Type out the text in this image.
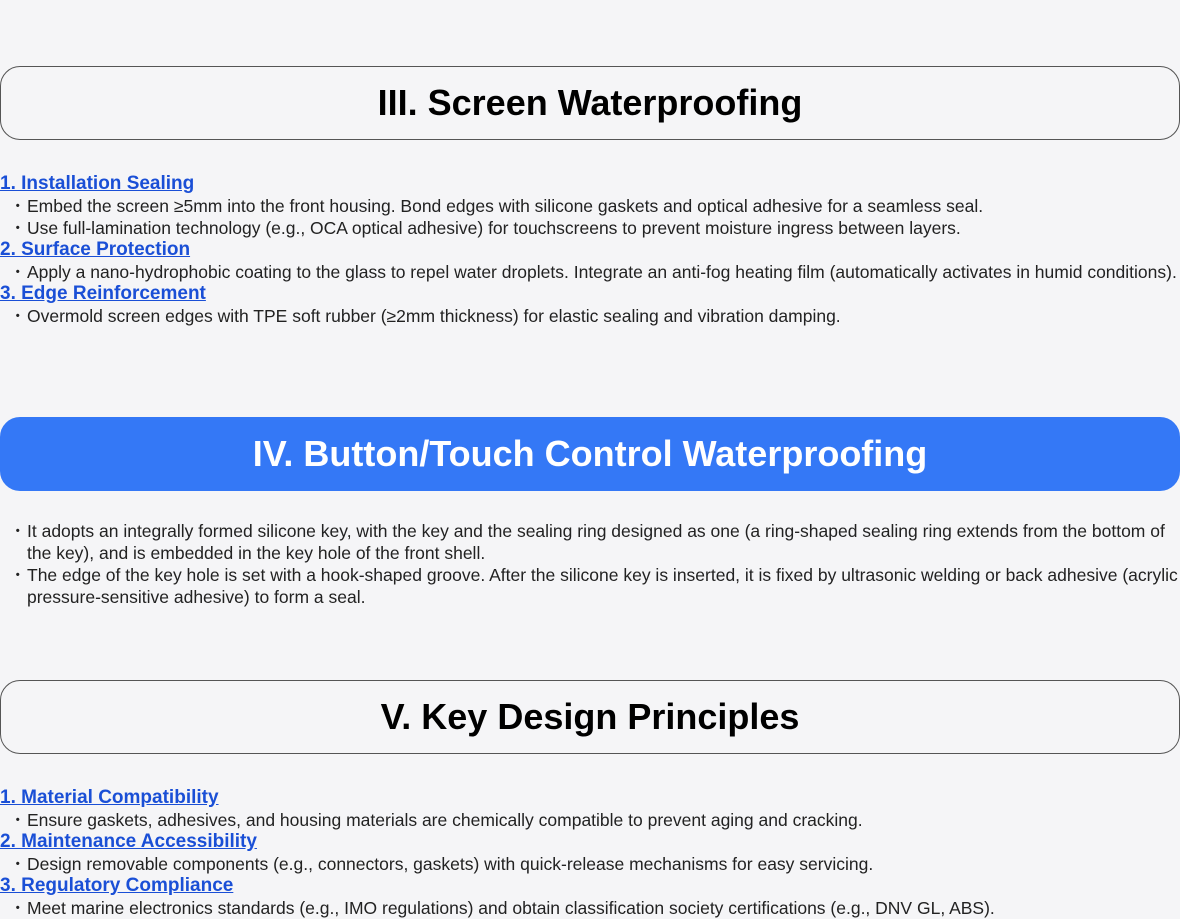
III. Screen Waterproofing
1. Installation Sealing
・ Embed the screen ≥5mm into the front housing. Bond edges with silicone gaskets and optical adhesive for a seamless seal.
・ Use full-lamination technology (e.g., OCA optical adhesive) for touchscreens to prevent moisture ingress between layers.
2. Surface Protection
・ Apply a nano-hydrophobic coating to the glass to repel water droplets. Integrate an anti-fog heating film (automatically activates in humid conditions).
3. Edge Reinforcement
・ Overmold screen edges with TPE soft rubber (≥2mm thickness) for elastic sealing and vibration damping.
IV. Button/Touch Control Waterproofing
・ It adopts an integrally formed silicone key, with the key and the sealing ring designed as one (a ring-shaped sealing ring extends from the bottom of the key), and is embedded in the key hole of the front shell.
・ The edge of the key hole is set with a hook-shaped groove. After the silicone key is inserted, it is fixed by ultrasonic welding or back adhesive (acrylic pressure-sensitive adhesive) to form a seal.
V. Key Design Principles
1. Material Compatibility
・ Ensure gaskets, adhesives, and housing materials are chemically compatible to prevent aging and cracking.
2. Maintenance Accessibility
・ Design removable components (e.g., connectors, gaskets) with quick-release mechanisms for easy servicing.
3. Regulatory Compliance
・ Meet marine electronics standards (e.g., IMO regulations) and obtain classification society certifications (e.g., DNV GL, ABS).
